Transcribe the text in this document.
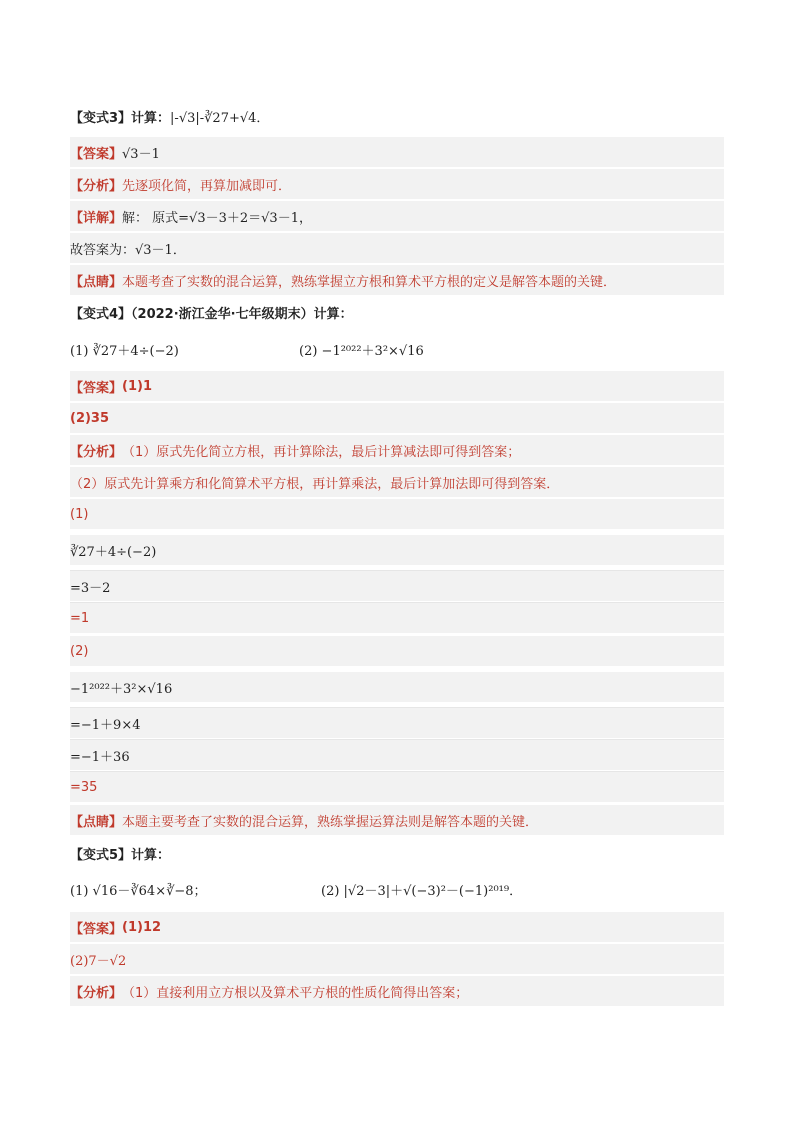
【变式3】计算： |-√3|-∛27+√4．
【答案】 √3－1
【分析】 先逐项化简，再算加减即可．
【详解】 解： 原式=√3－3＋2＝√3－1，
故答案为：√3－1．
【点睛】 本题考查了实数的混合运算，熟练掌握立方根和算术平方根的定义是解答本题的关键．
【变式4】（2022·浙江金华·七年级期末）计算：
(1) ∛27＋4÷(−2)	(2) −1²⁰²²＋3²×√16
【答案】 (1)1
(2)35
【分析】 （1）原式先化简立方根，再计算除法，最后计算减法即可得到答案；
（2）原式先计算乘方和化简算术平方根，再计算乘法，最后计算加法即可得到答案．
(1)
∛27＋4÷(−2)
=3－2
=1
(2)
−1²⁰²²＋3²×√16
=−1＋9×4
=−1＋36
=35
【点睛】 本题主要考查了实数的混合运算，熟练掌握运算法则是解答本题的关键．
【变式5】计算：
(1) √16－∛64×∛−8；	(2) |√2－3|＋√(−3)²－(−1)²⁰¹⁹．
【答案】 (1)12
(2)7－√2
【分析】 （1）直接利用立方根以及算术平方根的性质化简得出答案；
